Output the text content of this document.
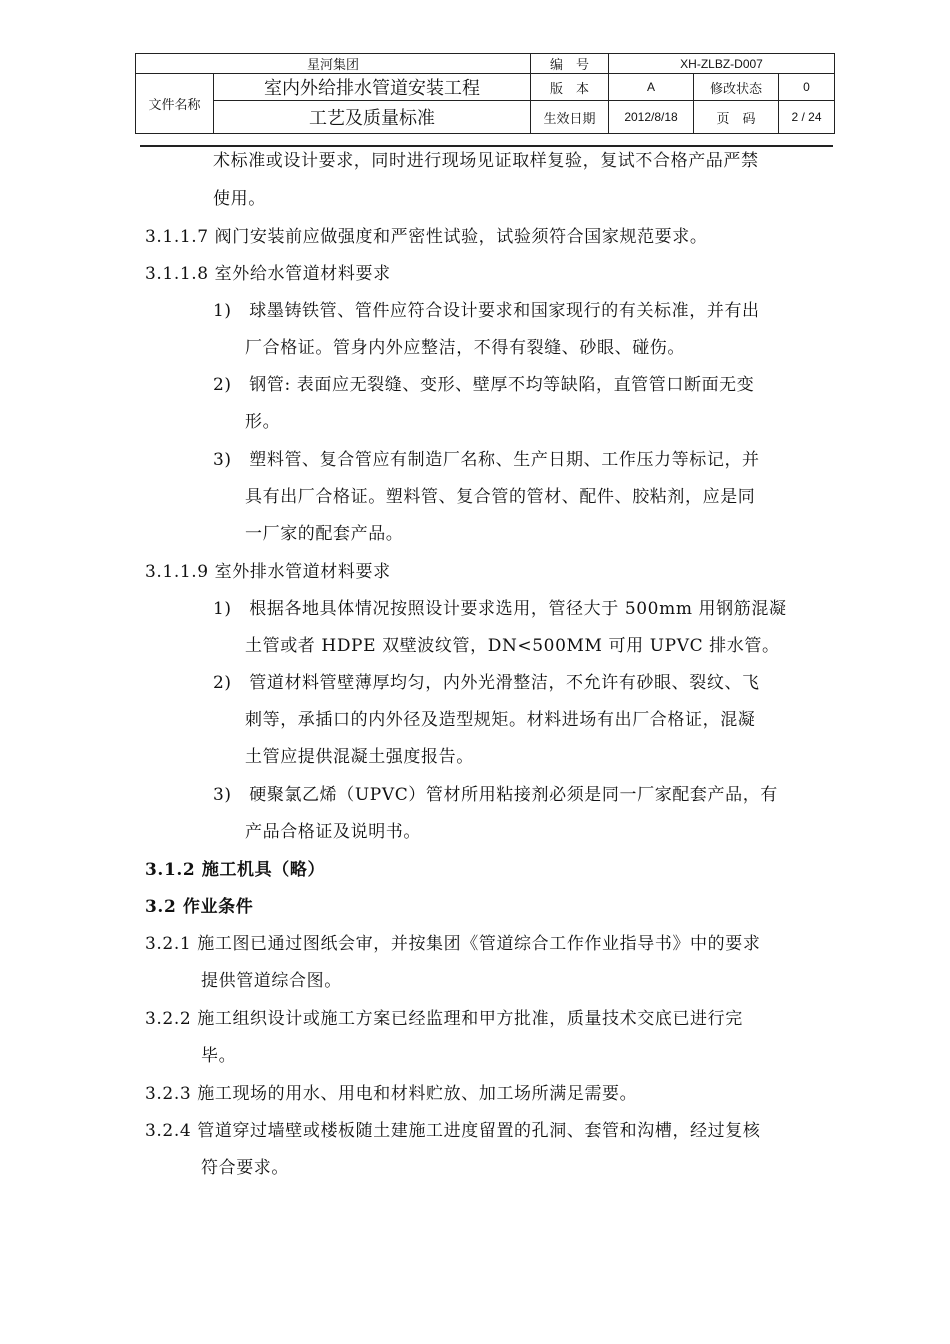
星河集团		编　号	XH-ZLBZ-D007		
文件名称	室内外给排水管道安装工程	版　本	A	修改状态	0
	工艺及质量标准	生效日期	2012/8/18	页　码	2 / 24
术标准或设计要求，同时进行现场见证取样复验，复试不合格产品严禁
使用。
3.1.1.7 阀门安装前应做强度和严密性试验，试验须符合国家规范要求。
3.1.1.8 室外给水管道材料要求
1)　球墨铸铁管、管件应符合设计要求和国家现行的有关标准，并有出
厂合格证。管身内外应整洁，不得有裂缝、砂眼、碰伤。
2)　钢管: 表面应无裂缝、变形、壁厚不均等缺陷，直管管口断面无变
形。
3)　塑料管、复合管应有制造厂名称、生产日期、工作压力等标记，并
具有出厂合格证。塑料管、复合管的管材、配件、胶粘剂，应是同
一厂家的配套产品。
3.1.1.9 室外排水管道材料要求
1)　根据各地具体情况按照设计要求选用，管径大于 500mm 用钢筋混凝
土管或者 HDPE 双壁波纹管，DN<500MM 可用 UPVC 排水管。
2)　管道材料管壁薄厚均匀，内外光滑整洁，不允许有砂眼、裂纹、飞
刺等，承插口的内外径及造型规矩。材料进场有出厂合格证，混凝
土管应提供混凝土强度报告。
3)　硬聚氯乙烯（UPVC）管材所用粘接剂必须是同一厂家配套产品，有
产品合格证及说明书。
3.1.2 施工机具（略）
3.2 作业条件
3.2.1 施工图已通过图纸会审，并按集团《管道综合工作作业指导书》中的要求
提供管道综合图。
3.2.2 施工组织设计或施工方案已经监理和甲方批准，质量技术交底已进行完
毕。
3.2.3 施工现场的用水、用电和材料贮放、加工场所满足需要。
3.2.4 管道穿过墙壁或楼板随土建施工进度留置的孔洞、套管和沟槽，经过复核
符合要求。
